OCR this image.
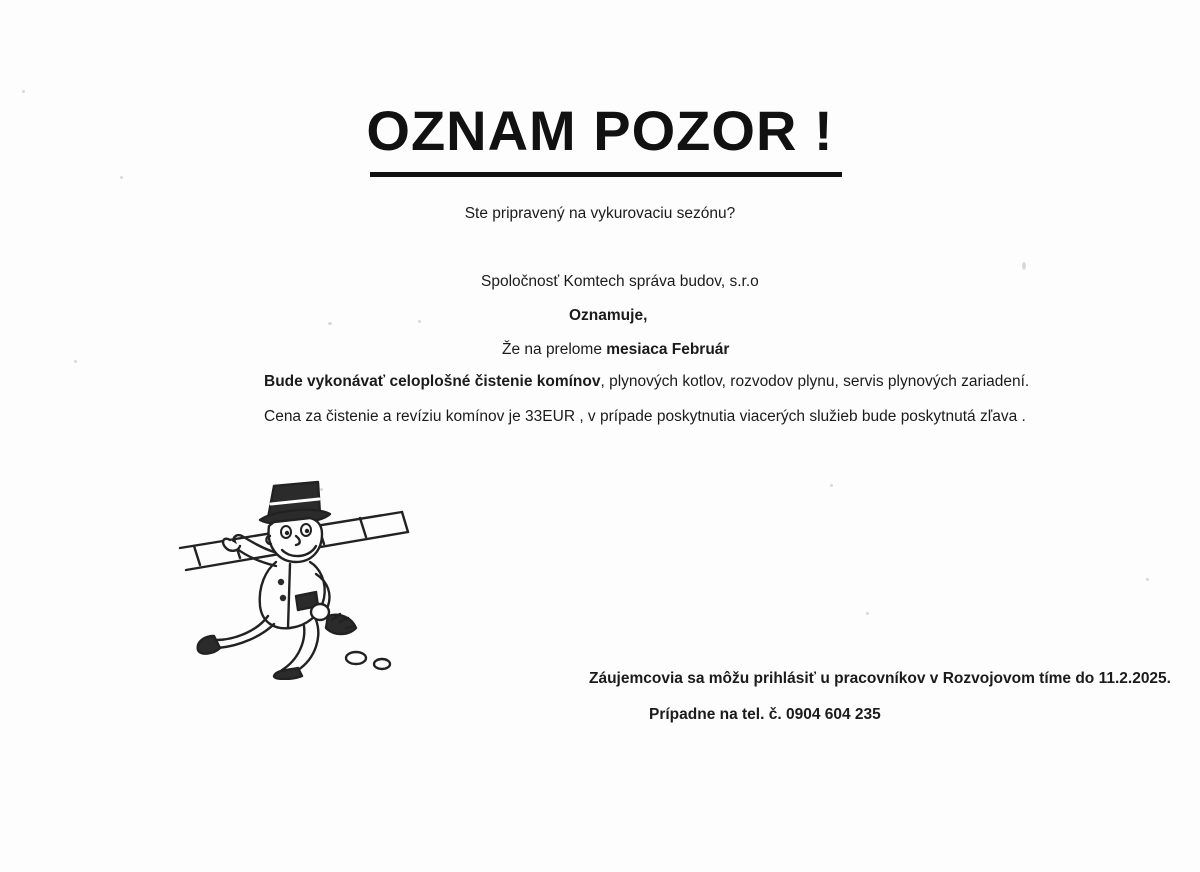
OZNAM POZOR !
Ste pripravený na vykurovaciu sezónu?
Spoločnosť Komtech správa budov, s.r.o
Oznamuje,
Že na prelome mesiaca Február
Bude vykonávať celoplošné čistenie komínov, plynových kotlov, rozvodov plynu, servis plynových zariadení.
Cena za čistenie a revíziu komínov je 33EUR , v prípade poskytnutia viacerých služieb bude poskytnutá zľava .
Záujemcovia sa môžu prihlásiť u pracovníkov v Rozvojovom tíme do 11.2.2025.
Prípadne na tel. č. 0904 604 235
